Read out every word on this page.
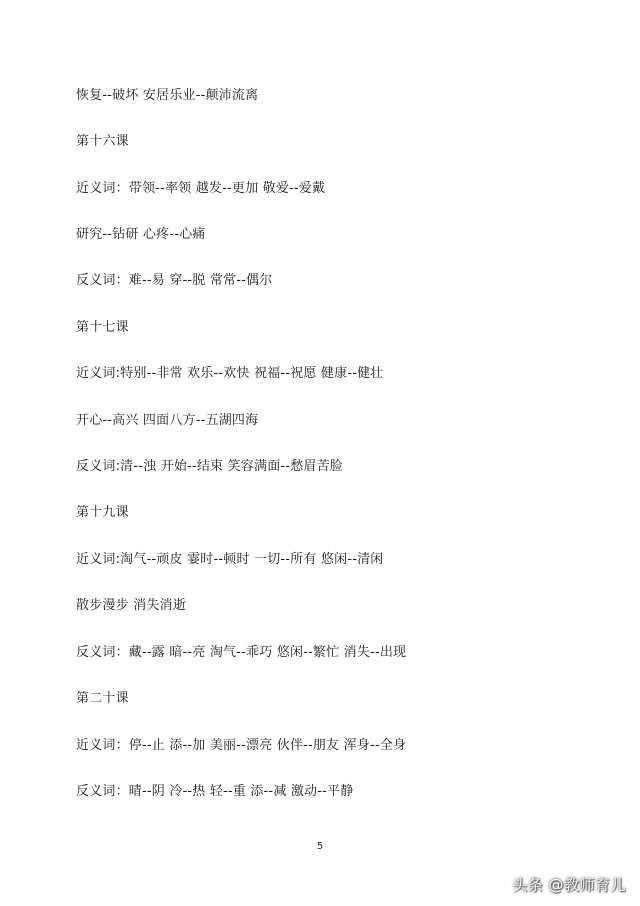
恢复--破坏 安居乐业--颠沛流离
第十六课
近义词：带领--率领 越发--更加 敬爱--爱戴
研究--钻研 心疼--心痛
反义词：难--易 穿--脱 常常--偶尔
第十七课
近义词:特别--非常 欢乐--欢快 祝福--祝愿 健康--健壮
开心--高兴 四面八方--五湖四海
反义词:清--浊 开始--结束 笑容满面--愁眉苦脸
第十九课
近义词:淘气--顽皮 霎时--顿时 一切--所有 悠闲--清闲
散步漫步 消失消逝
反义词：藏--露 暗--亮 淘气--乖巧 悠闲--繁忙 消失--出现
第二十课
近义词：停--止 添--加 美丽--漂亮 伙伴--朋友 浑身--全身
反义词：晴--阴 冷--热 轻--重 添--减 激动--平静
5
头条 @教师育儿
